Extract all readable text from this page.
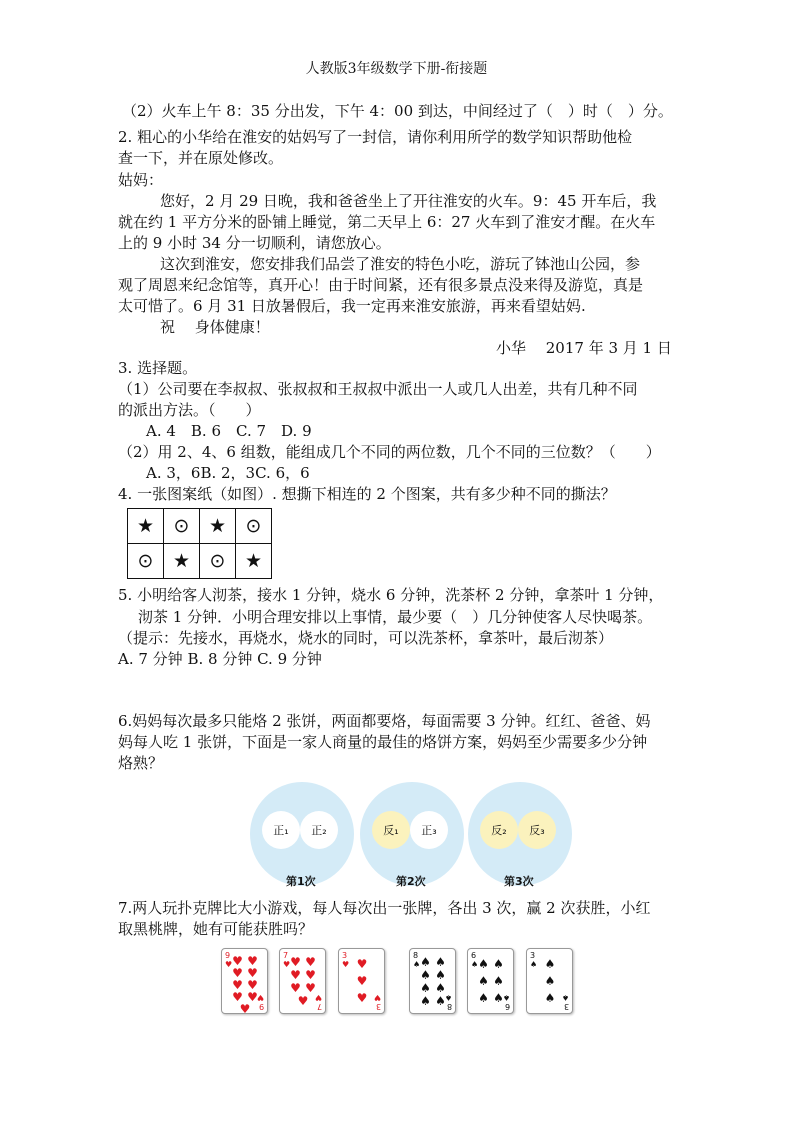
人教版3年级数学下册-衔接题
（2）火车上午 8：35 分出发，下午 4：00 到达，中间经过了（　）时（　）分。
2. 粗心的小华给在淮安的姑妈写了一封信，请你利用所学的数学知识帮助他检
查一下，并在原处修改。
姑妈：
您好，2 月 29 日晚，我和爸爸坐上了开往淮安的火车。9：45 开车后，我
就在约 1 平方分米的卧铺上睡觉，第二天早上 6：27 火车到了淮安才醒。在火车
上的 9 小时 34 分一切顺利，请您放心。
这次到淮安，您安排我们品尝了淮安的特色小吃，游玩了钵池山公园，参
观了周恩来纪念馆等，真开心！由于时间紧，还有很多景点没来得及游览，真是
太可惜了。6 月 31 日放暑假后，我一定再来淮安旅游，再来看望姑妈.
祝　 身体健康！
小华　 2017 年 3 月 1 日
3. 选择题。
（1）公司要在李叔叔、张叔叔和王叔叔中派出一人或几人出差，共有几种不同
的派出方法。（　　）
A. 4　B. 6　C. 7　D. 9
（2）用 2、4、6 组数，能组成几个不同的两位数，几个不同的三位数？（　　）
A. 3，6B. 2，3C. 6，6
4. 一张图案纸（如图）. 想撕下相连的 2 个图案，共有多少种不同的撕法？
★	⊙	★	⊙
⊙	★	⊙	★
5. 小明给客人沏茶，接水 1 分钟，烧水 6 分钟，洗茶杯 2 分钟，拿茶叶 1 分钟，
沏茶 1 分钟．小明合理安排以上事情，最少要（　）几分钟使客人尽快喝茶。
（提示：先接水，再烧水，烧水的同时，可以洗茶杯，拿茶叶，最后沏茶）
A. 7 分钟 B. 8 分钟 C. 9 分钟
6.妈妈每次最多只能烙 2 张饼，两面都要烙，每面需要 3 分钟。红红、爸爸、妈
妈每人吃 1 张饼，下面是一家人商量的最佳的烙饼方案，妈妈至少需要多少分钟
烙熟？
正₁	正₂
第1次
反₁	正₃
第2次
反₂	反₃
第3次
7.两人玩扑克牌比大小游戏，每人每次出一张牌，各出 3 次，赢 2 次获胜，小红
取黑桃牌，她有可能获胜吗？
9
♥ ♥ ♥
♥ ♥
♥ ♥
♥ ♥
♥ 9
♥
7
♥ ♥ ♥
♥ ♥
♥ ♥
♥ 7
♥
3
♥ ♥
♥
♥
3
♥
8
♠ ♠ ♠
♠ ♠
♠ ♠
♠ ♠ 8
♠
6
♠ ♠ ♠
♠ ♠
♠ ♠
6
♠
3
♠ ♠
♠
♠
3
♠
